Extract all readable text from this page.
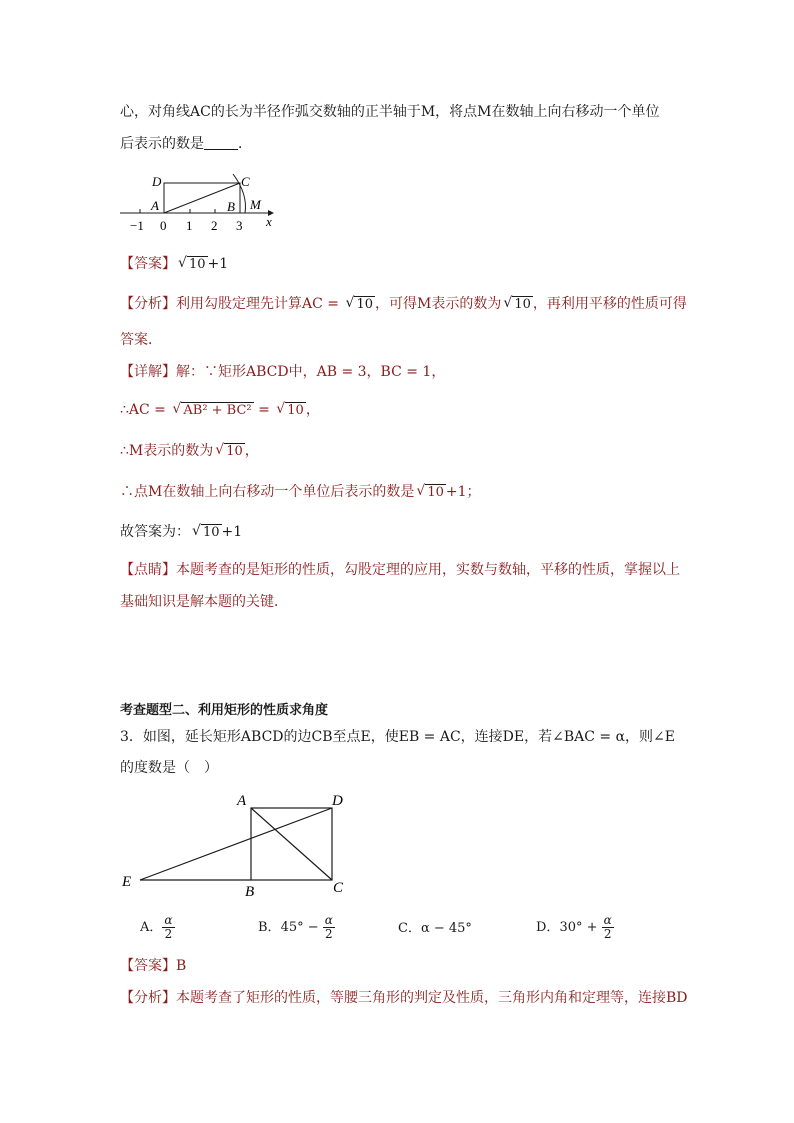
心，对角线AC的长为半径作弧交数轴的正半轴于M，将点M在数轴上向右移动一个单位
后表示的数是 ．
D	C
A	B M
x
−1 0 1 2 3
【答案】 √ 10 +1
【分析】利用勾股定理先计算AC = √ 10 ，可得M表示的数为 √ 10 ，再利用平移的性质可得
答案．
【详解】解：∵矩形ABCD中，AB = 3，BC = 1，
∴AC = √ AB² + BC² = √ 10 ，
∴M表示的数为 √ 10 ，
∴点M在数轴上向右移动一个单位后表示的数是 √ 10 +1；
故答案为： √ 10 +1
【点睛】本题考查的是矩形的性质，勾股定理的应用，实数与数轴，平移的性质，掌握以上
基础知识是解本题的关键．
考查题型二、利用矩形的性质求角度
3．如图，延长矩形ABCD的边CB至点E，使EB = AC，连接DE，若∠BAC = α，则∠E
的度数是（　）
A	D
E
B	C
A． $\frac{\alpha}{2}$	B．$45^\circ - \frac{\alpha}{2}$	C．α − 45°	D．$30^\circ + \frac{\alpha}{2}$
【答案】B
【分析】本题考查了矩形的性质，等腰三角形的判定及性质，三角形内角和定理等，连接BD
